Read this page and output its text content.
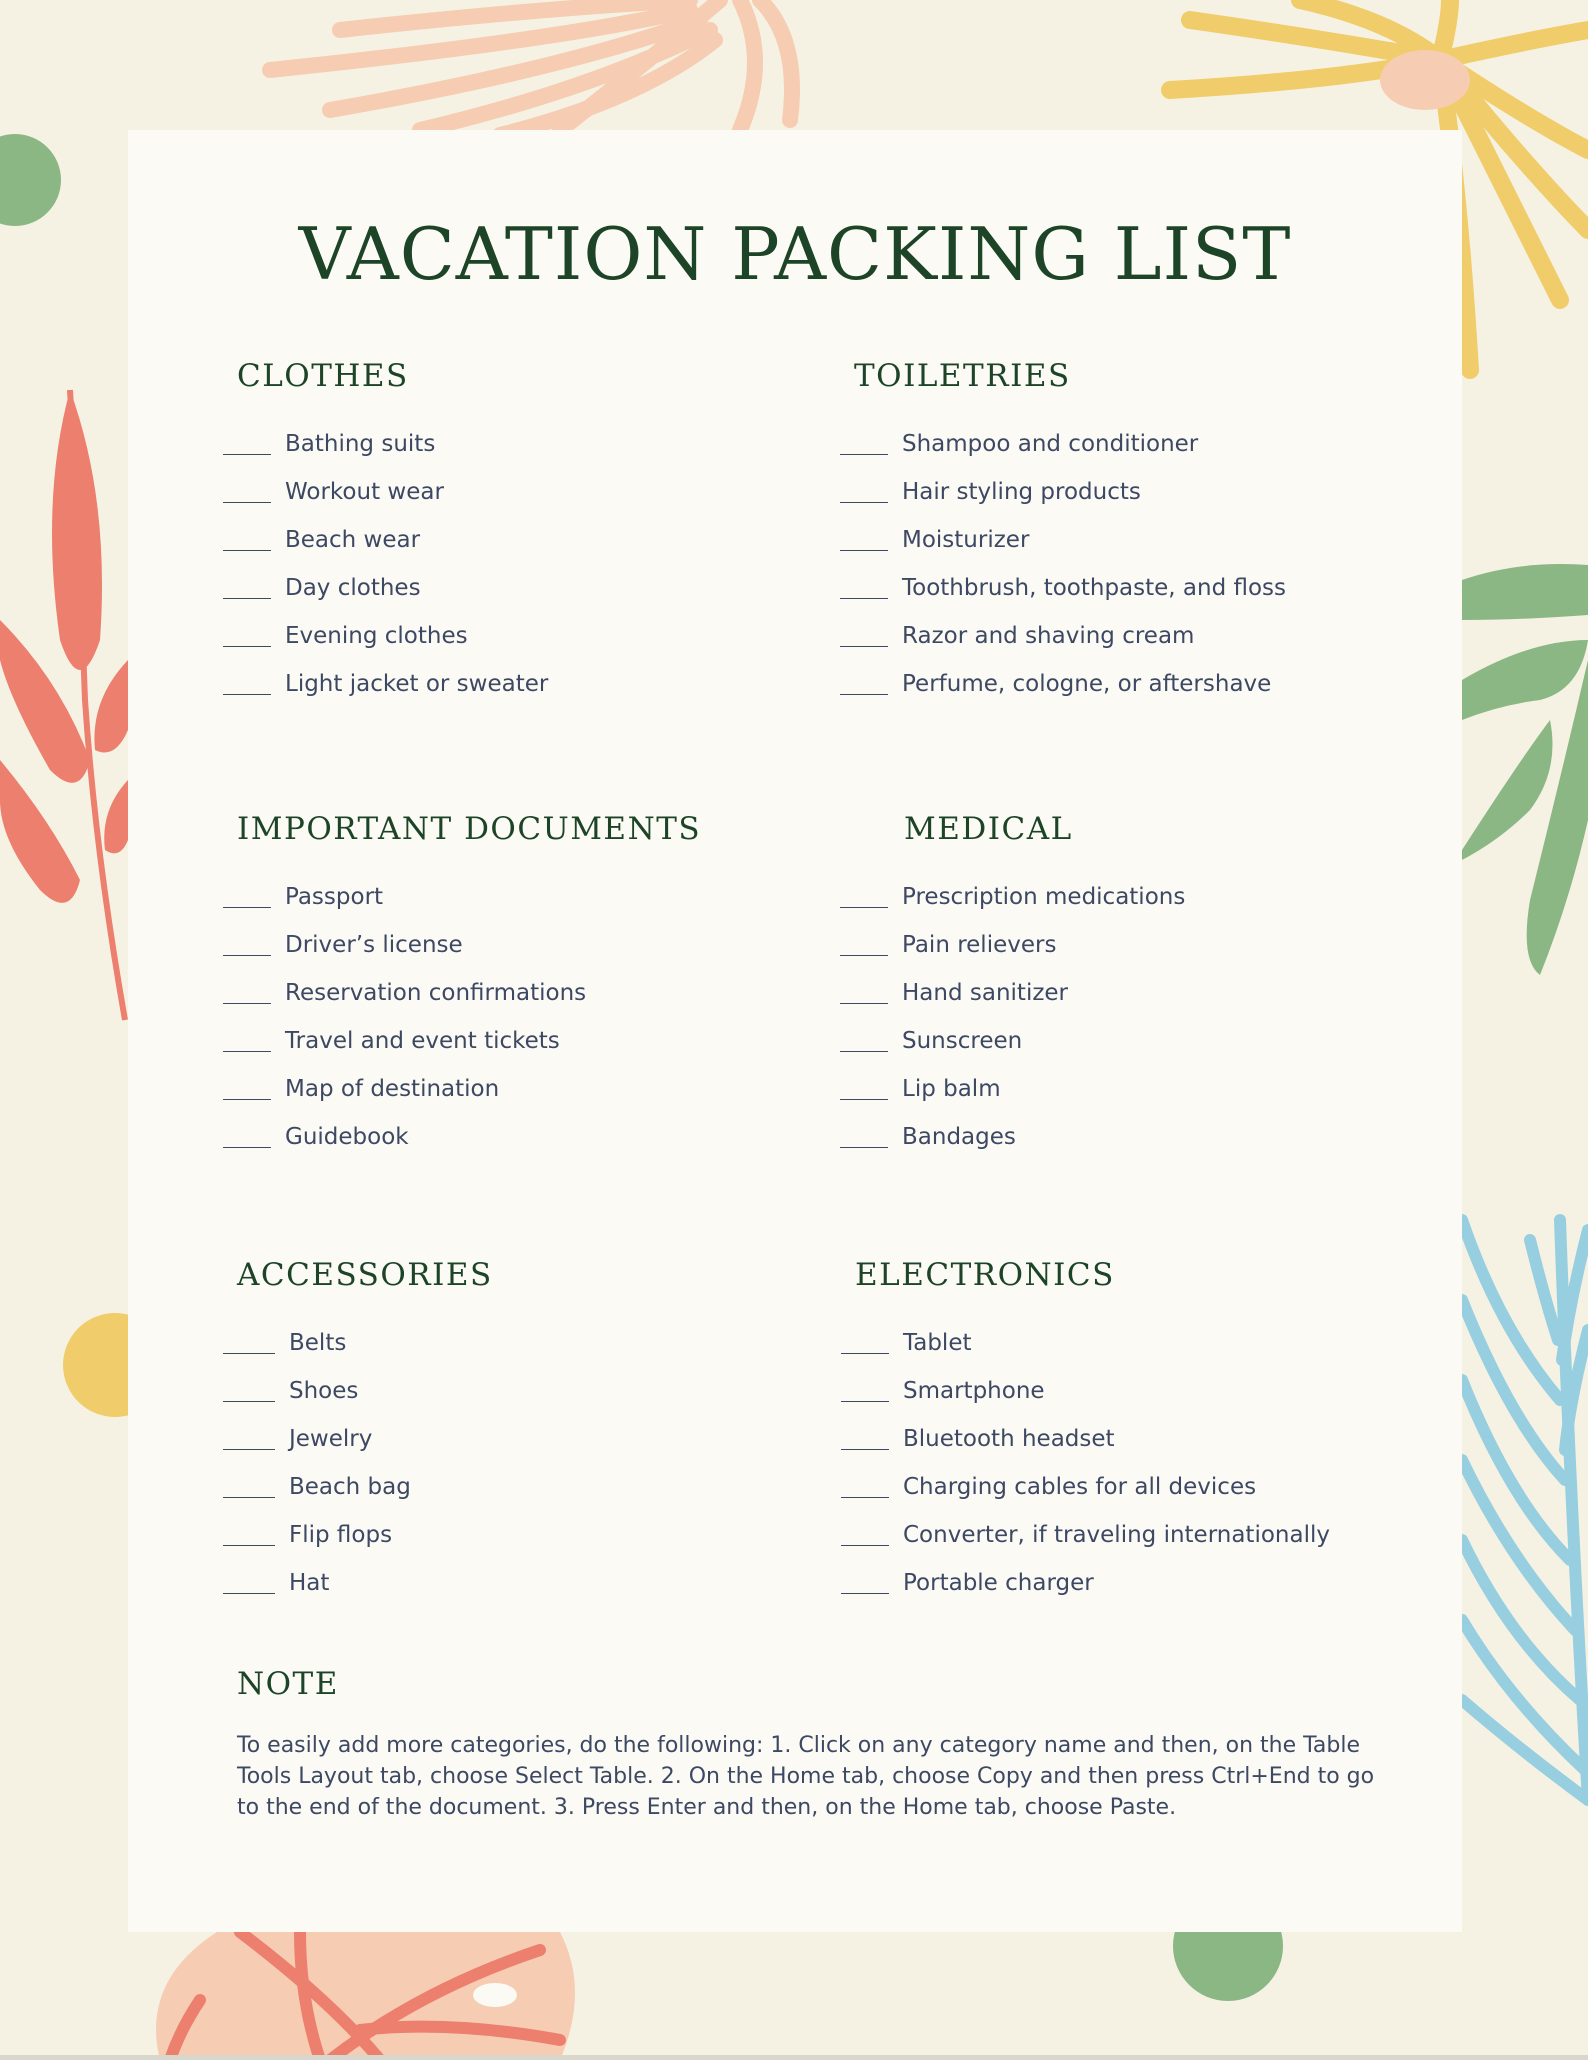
VACATION PACKING LIST
CLOTHES
Bathing suits
Workout wear
Beach wear
Day clothes
Evening clothes
Light jacket or sweater
TOILETRIES
Shampoo and conditioner
Hair styling products
Moisturizer
Toothbrush, toothpaste, and floss
Razor and shaving cream
Perfume, cologne, or aftershave
IMPORTANT DOCUMENTS
Passport
Driver’s license
Reservation confirmations
Travel and event tickets
Map of destination
Guidebook
MEDICAL
Prescription medications
Pain relievers
Hand sanitizer
Sunscreen
Lip balm
Bandages
ACCESSORIES
Belts
Shoes
Jewelry
Beach bag
Flip flops
Hat
ELECTRONICS
Tablet
Smartphone
Bluetooth headset
Charging cables for all devices
Converter, if traveling internationally
Portable charger
NOTE

To easily add more categories, do the following: 1. Click on any category name and then, on the Table Tools Layout tab, choose Select Table. 2. On the Home tab, choose Copy and then press Ctrl+End to go to the end of the document. 3. Press Enter and then, on the Home tab, choose Paste.
